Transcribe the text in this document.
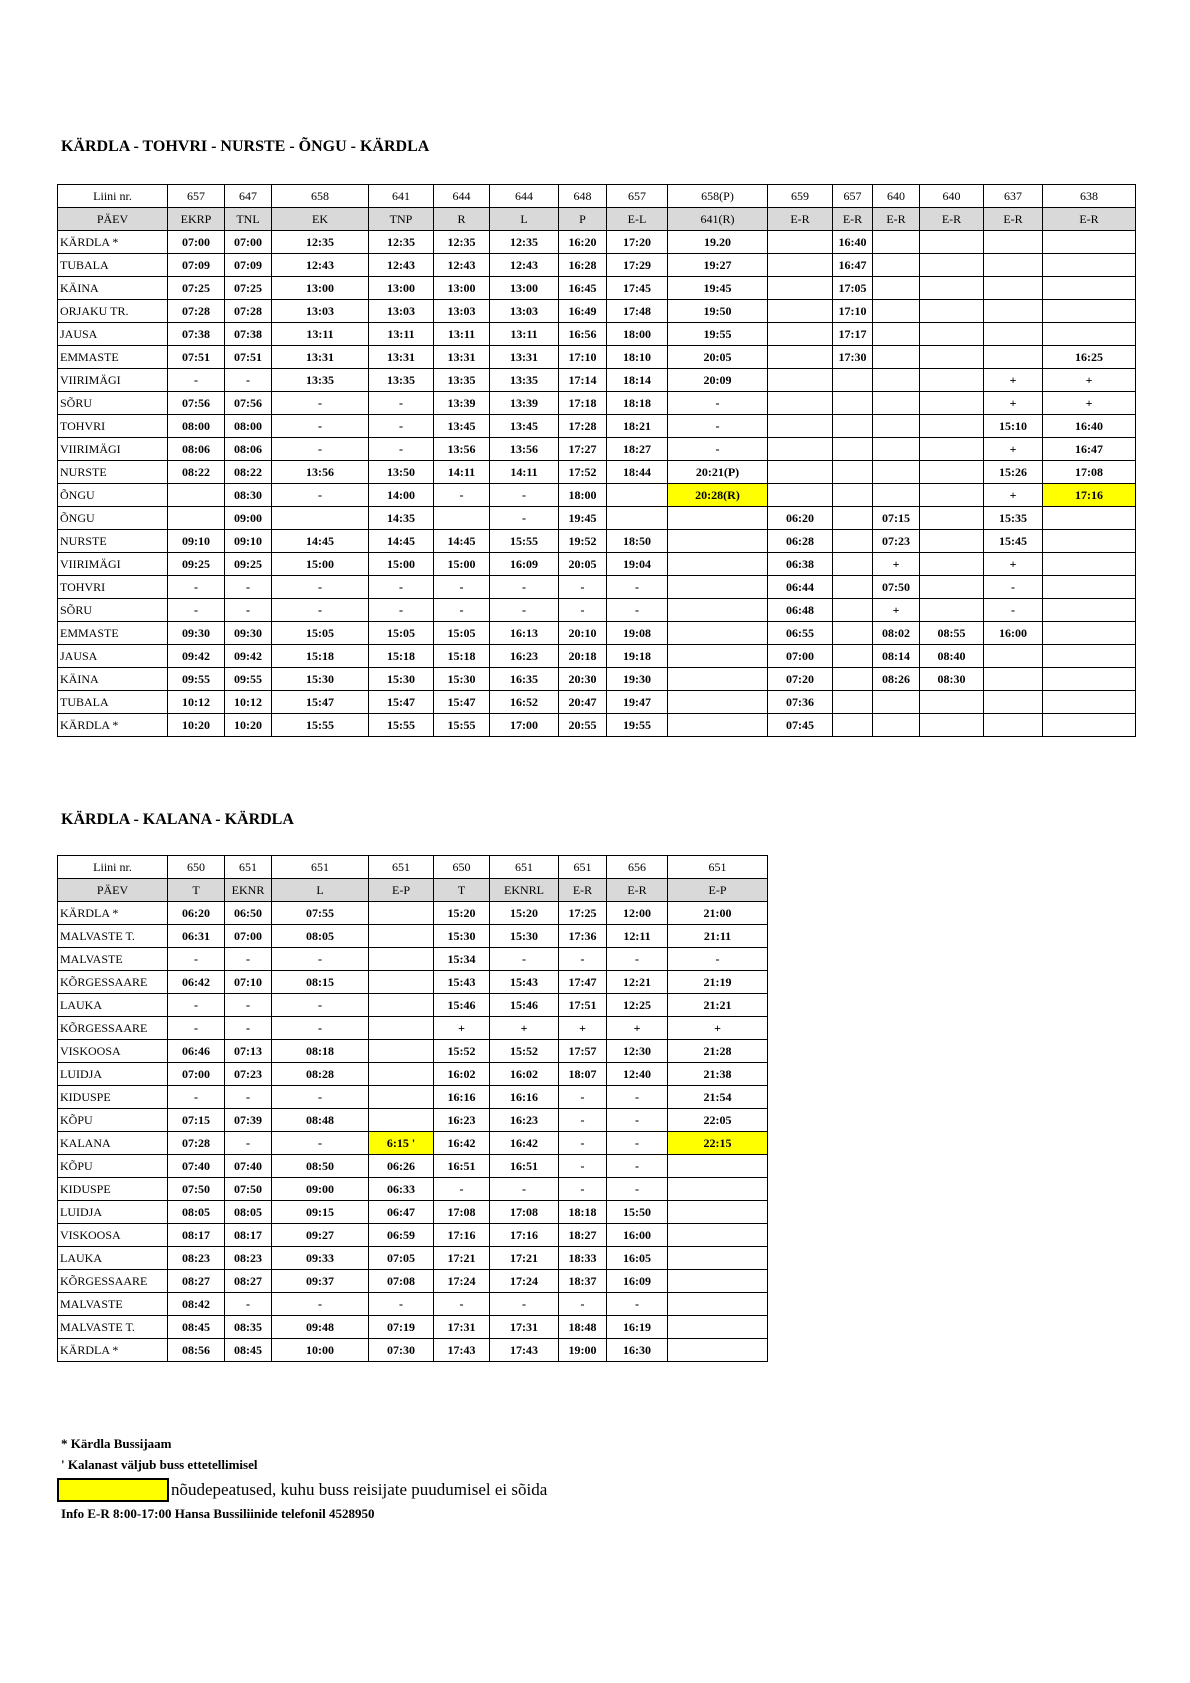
KÄRDLA - TOHVRI - NURSTE - ÕNGU - KÄRDLA
Liini nr.	657	647	658	641	644	644	648	657	658(P)	659	657	640	640	637	638
PÄEV	EKRP	TNL	EK	TNP	R	L	P	E-L	641(R)	E-R	E-R	E-R	E-R	E-R	E-R
KÄRDLA *	07:00	07:00	12:35	12:35	12:35	12:35	16:20	17:20	19.20		16:40				
TUBALA	07:09	07:09	12:43	12:43	12:43	12:43	16:28	17:29	19:27		16:47				
KÄINA	07:25	07:25	13:00	13:00	13:00	13:00	16:45	17:45	19:45		17:05				
ORJAKU TR.	07:28	07:28	13:03	13:03	13:03	13:03	16:49	17:48	19:50		17:10				
JAUSA	07:38	07:38	13:11	13:11	13:11	13:11	16:56	18:00	19:55		17:17				
EMMASTE	07:51	07:51	13:31	13:31	13:31	13:31	17:10	18:10	20:05		17:30				16:25
VIIRIMÄGI	-	-	13:35	13:35	13:35	13:35	17:14	18:14	20:09					+	+
SÕRU	07:56	07:56	-	-	13:39	13:39	17:18	18:18	-					+	+
TOHVRI	08:00	08:00	-	-	13:45	13:45	17:28	18:21	-					15:10	16:40
VIIRIMÄGI	08:06	08:06	-	-	13:56	13:56	17:27	18:27	-					+	16:47
NURSTE	08:22	08:22	13:56	13:50	14:11	14:11	17:52	18:44	20:21(P)					15:26	17:08
ÕNGU		08:30	-	14:00	-	-	18:00		20:28(R)					+	17:16
ÕNGU		09:00		14:35		-	19:45			06:20		07:15		15:35	
NURSTE	09:10	09:10	14:45	14:45	14:45	15:55	19:52	18:50		06:28		07:23		15:45	
VIIRIMÄGI	09:25	09:25	15:00	15:00	15:00	16:09	20:05	19:04		06:38		+		+	
TOHVRI	-	-	-	-	-	-	-	-		06:44		07:50		-	
SÕRU	-	-	-	-	-	-	-	-		06:48		+		-	
EMMASTE	09:30	09:30	15:05	15:05	15:05	16:13	20:10	19:08		06:55		08:02	08:55	16:00	
JAUSA	09:42	09:42	15:18	15:18	15:18	16:23	20:18	19:18		07:00		08:14	08:40		
KÄINA	09:55	09:55	15:30	15:30	15:30	16:35	20:30	19:30		07:20		08:26	08:30		
TUBALA	10:12	10:12	15:47	15:47	15:47	16:52	20:47	19:47		07:36					
KÄRDLA *	10:20	10:20	15:55	15:55	15:55	17:00	20:55	19:55		07:45					
KÄRDLA - KALANA - KÄRDLA
Liini nr.	650	651	651	651	650	651	651	656	651
PÄEV	T	EKNR	L	E-P	T	EKNRL	E-R	E-R	E-P
KÄRDLA *	06:20	06:50	07:55		15:20	15:20	17:25	12:00	21:00
MALVASTE T.	06:31	07:00	08:05		15:30	15:30	17:36	12:11	21:11
MALVASTE	-	-	-		15:34	-	-	-	-
KÕRGESSAARE	06:42	07:10	08:15		15:43	15:43	17:47	12:21	21:19
LAUKA	-	-	-		15:46	15:46	17:51	12:25	21:21
KÕRGESSAARE	-	-	-		+	+	+	+	+
VISKOOSA	06:46	07:13	08:18		15:52	15:52	17:57	12:30	21:28
LUIDJA	07:00	07:23	08:28		16:02	16:02	18:07	12:40	21:38
KIDUSPE	-	-	-		16:16	16:16	-	-	21:54
KÕPU	07:15	07:39	08:48		16:23	16:23	-	-	22:05
KALANA	07:28	-	-	6:15 '	16:42	16:42	-	-	22:15
KÕPU	07:40	07:40	08:50	06:26	16:51	16:51	-	-	
KIDUSPE	07:50	07:50	09:00	06:33	-	-	-	-	
LUIDJA	08:05	08:05	09:15	06:47	17:08	17:08	18:18	15:50	
VISKOOSA	08:17	08:17	09:27	06:59	17:16	17:16	18:27	16:00	
LAUKA	08:23	08:23	09:33	07:05	17:21	17:21	18:33	16:05	
KÕRGESSAARE	08:27	08:27	09:37	07:08	17:24	17:24	18:37	16:09	
MALVASTE	08:42	-	-	-	-	-	-	-	
MALVASTE T.	08:45	08:35	09:48	07:19	17:31	17:31	18:48	16:19	
KÄRDLA *	08:56	08:45	10:00	07:30	17:43	17:43	19:00	16:30	
* Kärdla Bussijaam
' Kalanast väljub buss ettetellimisel
nõudepeatused, kuhu buss reisijate puudumisel ei sõida
Info E-R 8:00-17:00 Hansa Bussiliinide telefonil 4528950
